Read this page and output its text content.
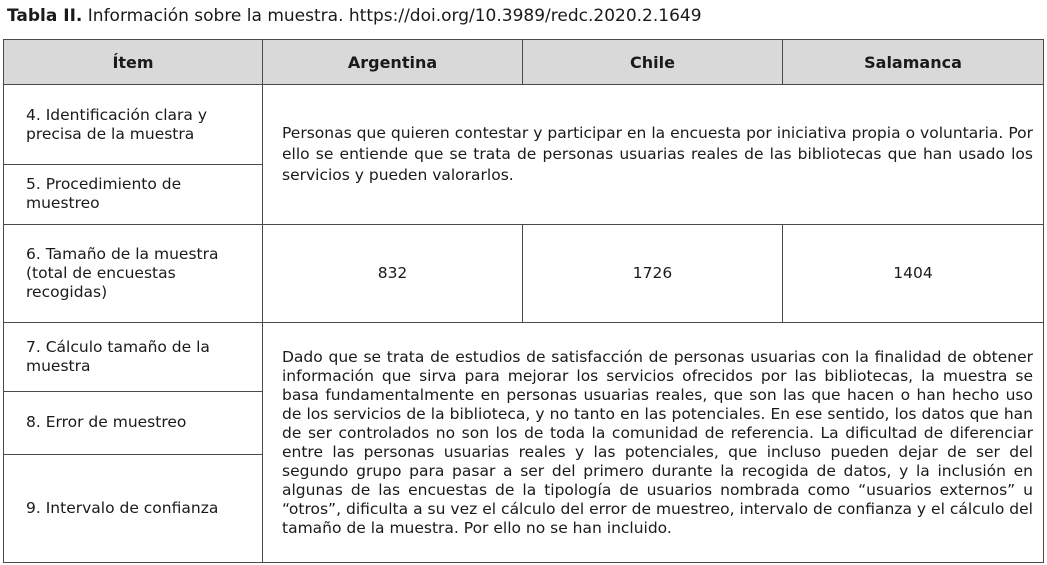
Tabla II. Información sobre la muestra. https://doi.org/10.3989/redc.2020.2.1649
Ítem	Argentina	Chile	Salamanca
4. Identificación clara y precisa de la muestra	Personas que quieren contestar y participar en la encuesta por iniciativa propia o voluntaria. Por ello se entiende que se trata de personas usuarias reales de las bibliotecas que han usado los servicios y pueden valorarlos.		
5. Procedimiento de muestreo			
6. Tamaño de la muestra (total de encuestas recogidas)	832	1726	1404
7. Cálculo tamaño de la muestra	Dado que se trata de estudios de satisfacción de personas usuarias con la finalidad de obtener información que sirva para mejorar los servicios ofrecidos por las bibliotecas, la muestra se basa fundamentalmente en personas usuarias reales, que son las que hacen o han hecho uso de los servicios de la biblioteca, y no tanto en las potenciales. En ese sentido, los datos que han de ser controlados no son los de toda la comunidad de referencia. La dificultad de diferenciar entre las personas usuarias reales y las potenciales, que incluso pueden dejar de ser del segundo grupo para pasar a ser del primero durante la recogida de datos, y la inclusión en algunas de las encuestas de la tipología de usuarios nombrada como “usuarios externos” u “otros”, dificulta a su vez el cálculo del error de muestreo, intervalo de confianza y el cálculo del tamaño de la muestra. Por ello no se han incluido.		
8. Error de muestreo			
9. Intervalo de confianza			
